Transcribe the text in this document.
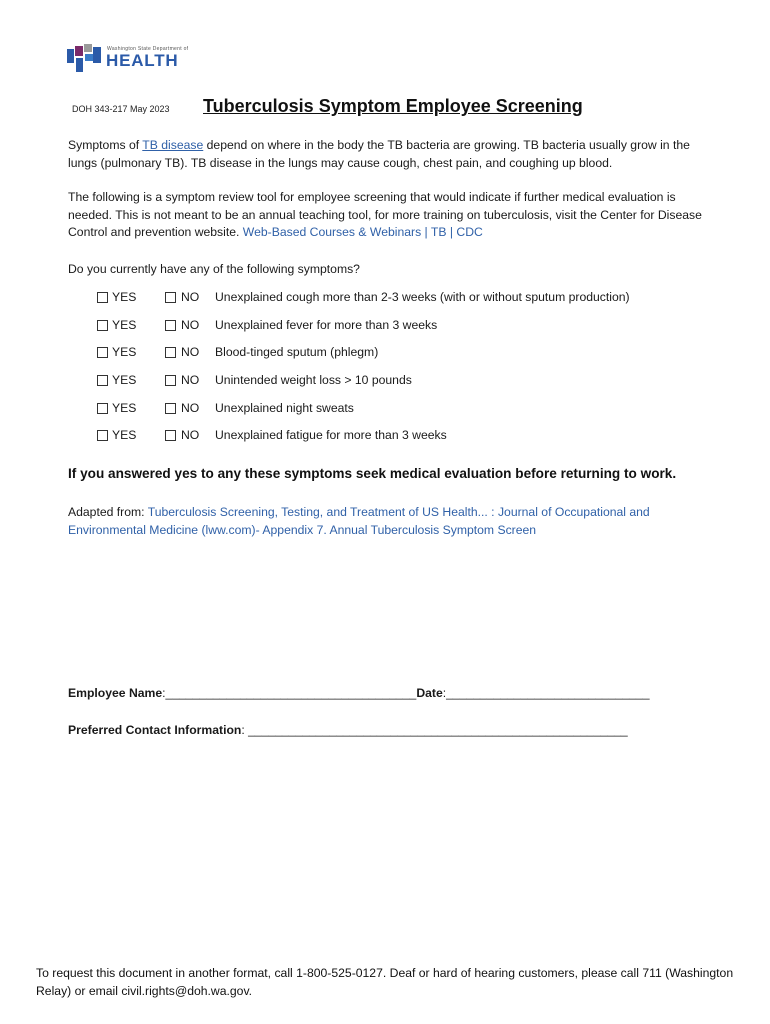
Washington State Department of
HEALTH
DOH 343-217 May 2023 Tuberculosis Symptom Employee Screening
Symptoms of TB disease depend on where in the body the TB bacteria are growing. TB bacteria usually grow in the lungs (pulmonary TB). TB disease in the lungs may cause cough, chest pain, and coughing up blood.
The following is a symptom review tool for employee screening that would indicate if further medical evaluation is needed. This is not meant to be an annual teaching tool, for more training on tuberculosis, visit the Center for Disease Control and prevention website. Web-Based Courses & Webinars | TB | CDC
Do you currently have any of the following symptoms?
YES	NO Unexplained cough more than 2-3 weeks (with or without sputum production)
YES	NO Unexplained fever for more than 3 weeks
YES	NO Blood-tinged sputum (phlegm)
YES	NO Unintended weight loss > 10 pounds
YES	NO Unexplained night sweats
YES	NO Unexplained fatigue for more than 3 weeks
If you answered yes to any these symptoms seek medical evaluation before returning to work.
Adapted from: Tuberculosis Screening, Testing, and Treatment of US Health... : Journal of Occupational and Environmental Medicine (lww.com)- Appendix 7. Annual Tuberculosis Symptom Screen
Employee Name:_____________________________________Date:______________________________
Preferred Contact Information: ________________________________________________________
To request this document in another format, call 1-800-525-0127. Deaf or hard of hearing customers, please call 711 (Washington Relay) or email civil.rights@doh.wa.gov.
